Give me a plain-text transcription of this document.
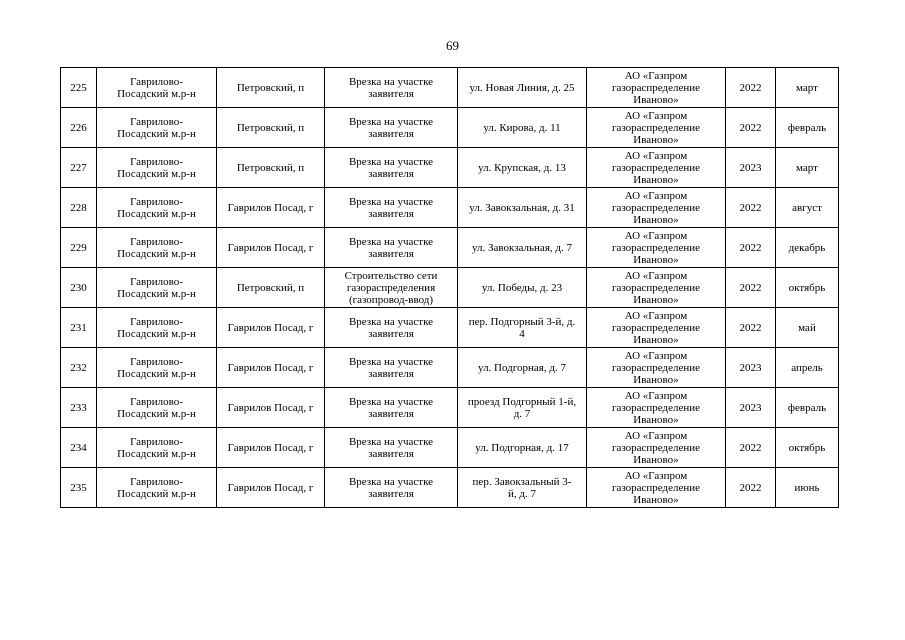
69
225	Гаврилово-
Посадский м.р-н	Петровский, п	Врезка на участке
заявителя	ул. Новая Линия, д. 25	АО «Газпром
газораспределение
Иваново»	2022	март
226	Гаврилово-
Посадский м.р-н	Петровский, п	Врезка на участке
заявителя	ул. Кирова, д. 11	АО «Газпром
газораспределение
Иваново»	2022	февраль
227	Гаврилово-
Посадский м.р-н	Петровский, п	Врезка на участке
заявителя	ул. Крупская, д. 13	АО «Газпром
газораспределение
Иваново»	2023	март
228	Гаврилово-
Посадский м.р-н	Гаврилов Посад, г	Врезка на участке
заявителя	ул. Завокзальная, д. 31	АО «Газпром
газораспределение
Иваново»	2022	август
229	Гаврилово-
Посадский м.р-н	Гаврилов Посад, г	Врезка на участке
заявителя	ул. Завокзальная, д. 7	АО «Газпром
газораспределение
Иваново»	2022	декабрь
230	Гаврилово-
Посадский м.р-н	Петровский, п	Строительство сети
газораспределения
(газопровод-ввод)	ул. Победы, д. 23	АО «Газпром
газораспределение
Иваново»	2022	октябрь
231	Гаврилово-
Посадский м.р-н	Гаврилов Посад, г	Врезка на участке
заявителя	пер. Подгорный 3-й, д.
4	АО «Газпром
газораспределение
Иваново»	2022	май
232	Гаврилово-
Посадский м.р-н	Гаврилов Посад, г	Врезка на участке
заявителя	ул. Подгорная, д. 7	АО «Газпром
газораспределение
Иваново»	2023	апрель
233	Гаврилово-
Посадский м.р-н	Гаврилов Посад, г	Врезка на участке
заявителя	проезд Подгорный 1-й,
д. 7	АО «Газпром
газораспределение
Иваново»	2023	февраль
234	Гаврилово-
Посадский м.р-н	Гаврилов Посад, г	Врезка на участке
заявителя	ул. Подгорная, д. 17	АО «Газпром
газораспределение
Иваново»	2022	октябрь
235	Гаврилово-
Посадский м.р-н	Гаврилов Посад, г	Врезка на участке
заявителя	пер. Завокзальный 3-
й, д. 7	АО «Газпром
газораспределение
Иваново»	2022	июнь
